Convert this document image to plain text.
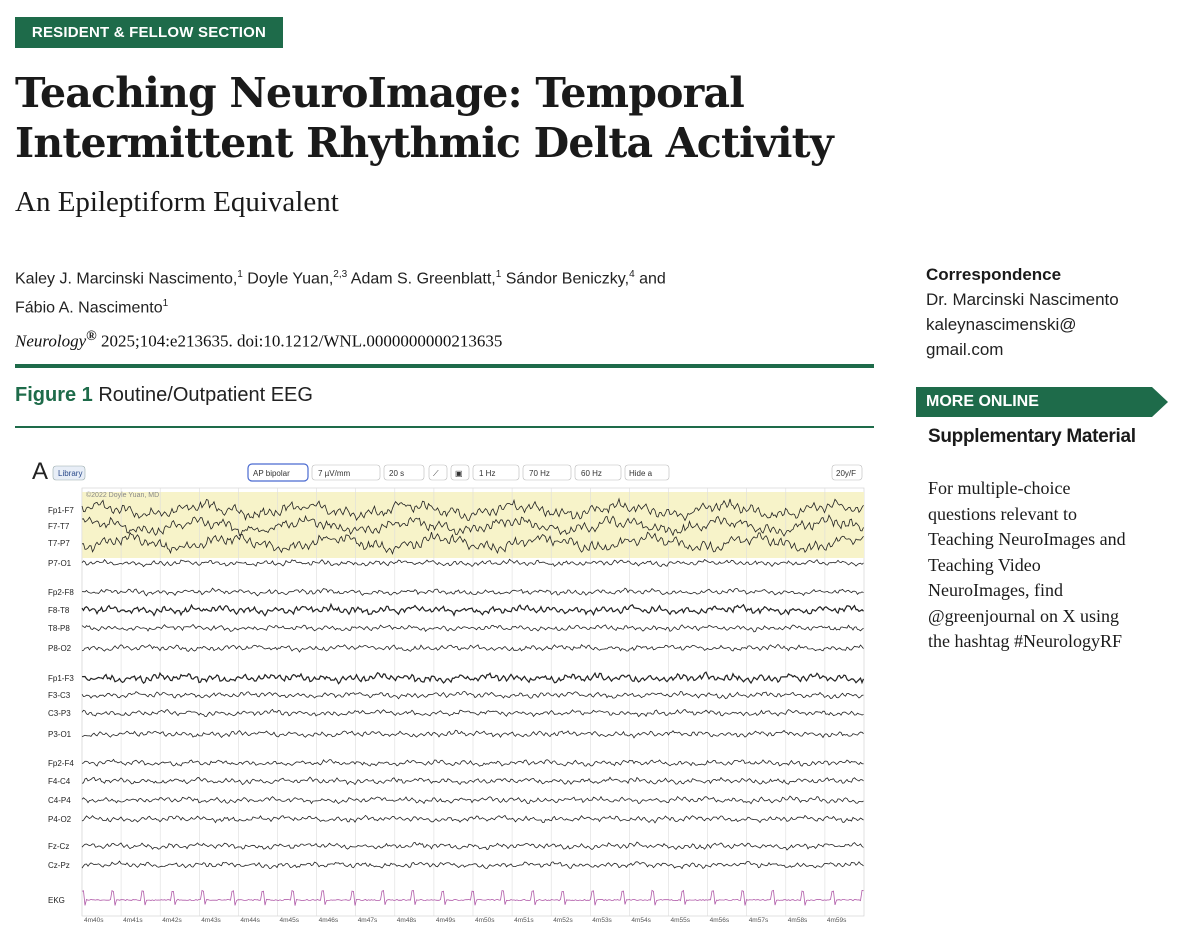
RESIDENT & FELLOW SECTION
Teaching NeuroImage: Temporal Intermittent Rhythmic Delta Activity
An Epileptiform Equivalent
Kaley J. Marcinski Nascimento,$^1$ Doyle Yuan,$^{2,3}$ Adam S. Greenblatt,$^1$ Sándor Beniczky,$^4$ and
Fábio A. Nascimento$^1$
Neurology® 2025;104:e213635. doi:10.1212/WNL.0000000000213635
Figure 1 Routine/Outpatient EEG
A Library	AP bipolar	7 µV/mm	20 s	⟋ ▣ 1 Hz	70 Hz	60 Hz	Hide a	20y/F
©2022 Doyle Yuan, MD
Fp1-F7
F7-T7
T7-P7
P7-O1
Fp2-F8
F8-T8
T8-P8
P8-O2
Fp1-F3
F3-C3
C3-P3
P3-O1
Fp2-F4
F4-C4
C4-P4
P4-O2
Fz-Cz
Cz-Pz
EKG
4m40s	4m41s	4m42s	4m43s	4m44s	4m45s	4m46s	4m47s	4m48s	4m49s	4m50s	4m51s	4m52s	4m53s	4m54s	4m55s	4m56s	4m57s	4m58s	4m59s
Correspondence
Dr. Marcinski Nascimento
kaleynascimenski@
gmail.com
MORE ONLINE
Supplementary Material
For multiple-choice
questions relevant to
Teaching NeuroImages and
Teaching Video
NeuroImages, find
@greenjournal on X using
the hashtag #NeurologyRF
